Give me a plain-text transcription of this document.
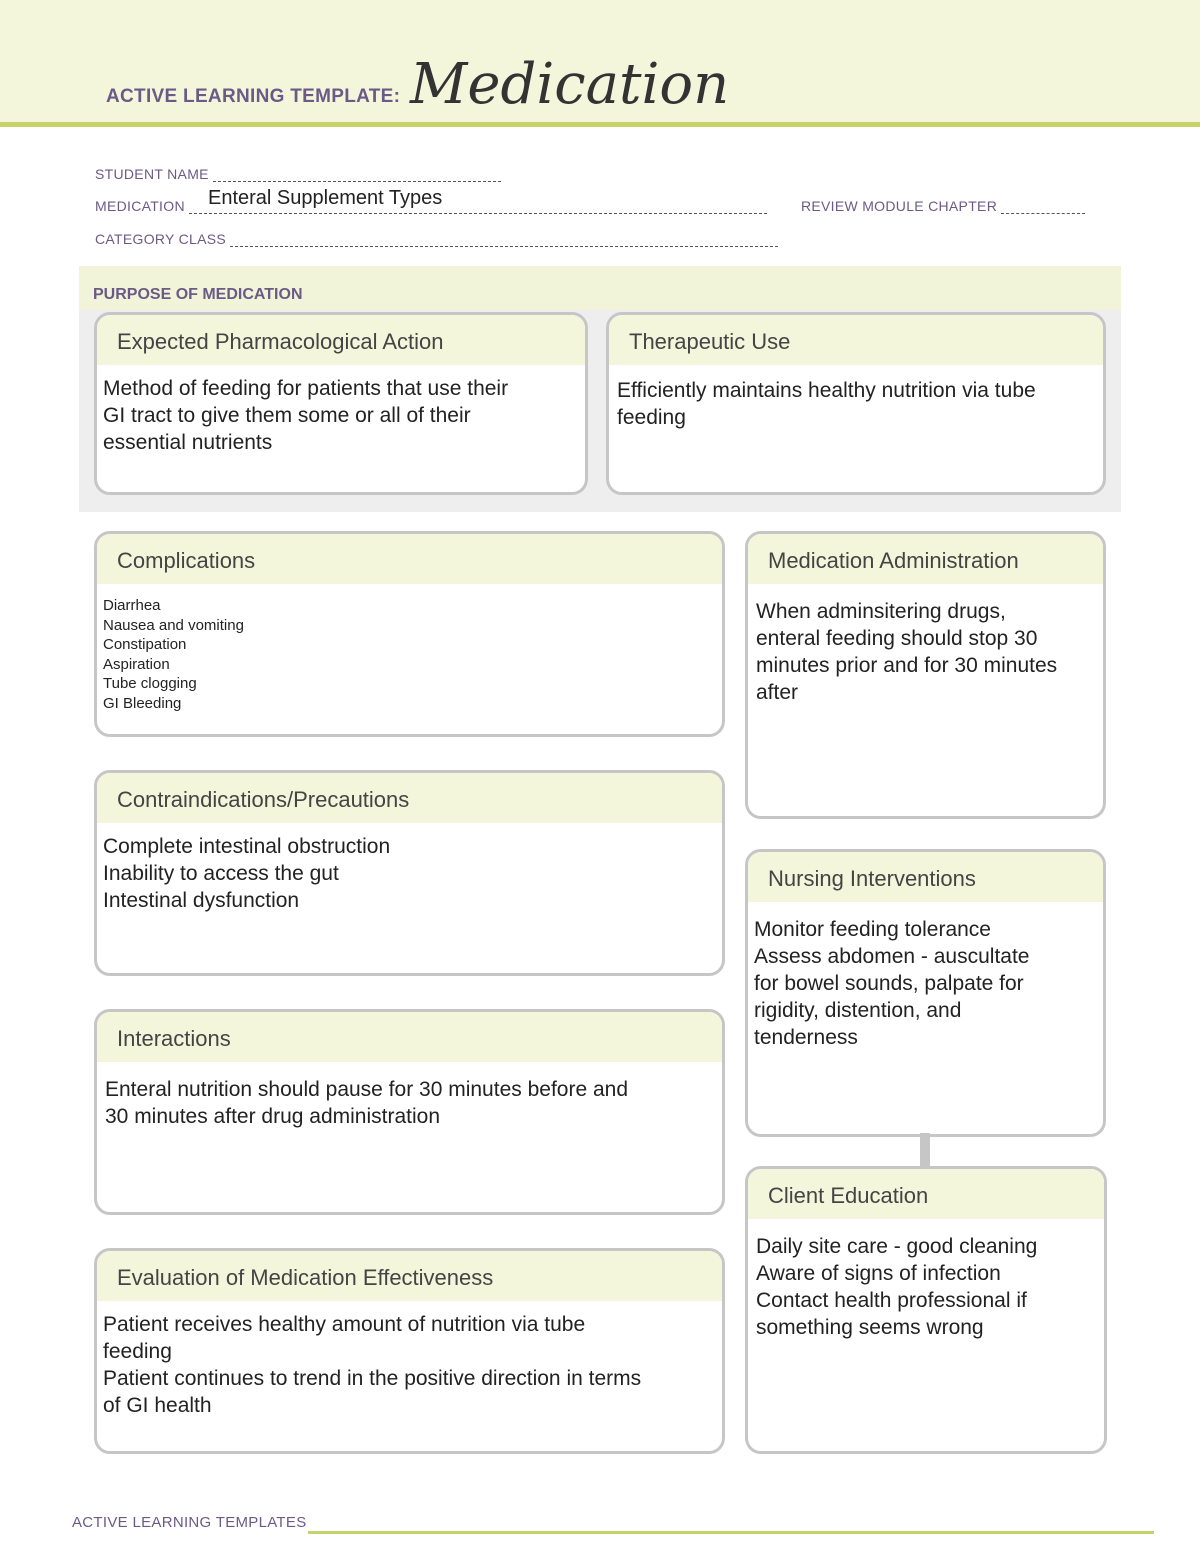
ACTIVE LEARNING TEMPLATE: Medication
STUDENT NAME
MEDICATION	Enteral Supplement Types	REVIEW MODULE CHAPTER
CATEGORY CLASS
PURPOSE OF MEDICATION
Expected Pharmacological Action
Method of feeding for patients that use their
GI tract to give them some or all of their
essential nutrients
Therapeutic Use
Efficiently maintains healthy nutrition via tube
feeding
Complications
Diarrhea
Nausea and vomiting
Constipation
Aspiration
Tube clogging
GI Bleeding
Contraindications/Precautions
Complete intestinal obstruction
Inability to access the gut
Intestinal dysfunction
Interactions
Enteral nutrition should pause for 30 minutes before and
30 minutes after drug administration
Evaluation of Medication Effectiveness
Patient receives healthy amount of nutrition via tube
feeding
Patient continues to trend in the positive direction in terms
of GI health
Medication Administration
When adminsitering drugs,
enteral feeding should stop 30
minutes prior and for 30 minutes
after
Nursing Interventions
Monitor feeding tolerance
Assess abdomen - auscultate
for bowel sounds, palpate for
rigidity, distention, and
tenderness
Client Education
Daily site care - good cleaning
Aware of signs of infection
Contact health professional if
something seems wrong
ACTIVE LEARNING TEMPLATES
